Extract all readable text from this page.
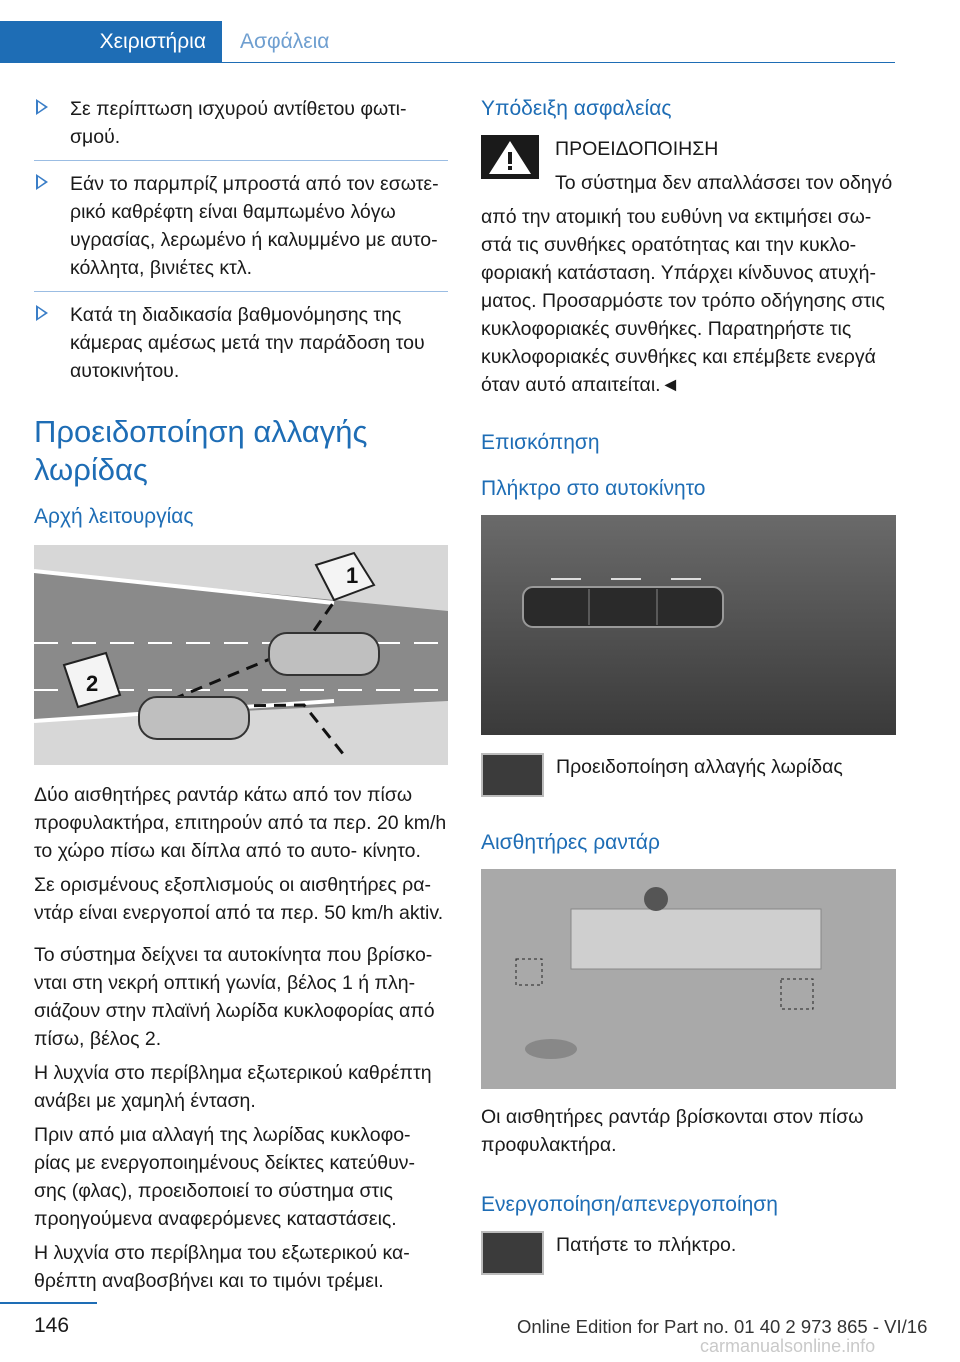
Χειριστήρια	Ασφάλεια
Σε περίπτωση ισχυρού αντίθετου φωτι‐ σμού.
Εάν το παρμπρίζ μπροστά από τον εσωτε‐ ρικό καθρέφτη είναι θαμπωμένο λόγω υγρασίας, λερωμένο ή καλυμμένο με αυτο‐ κόλλητα, βινιέτες κτλ.
Κατά τη διαδικασία βαθμονόμησης της κάμερας αμέσως μετά την παράδοση του αυτοκινήτου.
Προειδοποίηση αλλαγής λωρίδας
Αρχή λειτουργίας
1
2

Δύο αισθητήρες ραντάρ κάτω από τον πίσω προφυλακτήρα, επιτηρούν από τα περ. 20 km/h το χώρο πίσω και δίπλα από το αυτο‐ κίνητο.

Σε ορισμένους εξοπλισμούς οι αισθητήρες ρα‐ ντάρ είναι ενεργοποί από τα περ. 50 km/h aktiv.

Το σύστημα δείχνει τα αυτοκίνητα που βρίσκο‐ νται στη νεκρή οπτική γωνία, βέλος 1 ή πλη‐ σιάζουν στην πλαϊνή λωρίδα κυκλοφορίας από πίσω, βέλος 2.

Η λυχνία στο περίβλημα εξωτερικού καθρέπτη ανάβει με χαμηλή ένταση.

Πριν από μια αλλαγή της λωρίδας κυκλοφο‐ ρίας με ενεργοποιημένους δείκτες κατεύθυν‐ σης (φλας), προειδοποιεί το σύστημα στις προηγούμενα αναφερόμενες καταστάσεις.

Η λυχνία στο περίβλημα του εξωτερικού κα‐ θρέπτη αναβοσβήνει και το τιμόνι τρέμει.

Υπόδειξη ασφαλείας
ΠΡΟΕΙΔΟΠΟΙΗΣΗ
Το σύστημα δεν απαλλάσσει τον οδηγό
από την ατομική του ευθύνη να εκτιμήσει σω‐ στά τις συνθήκες ορατότητας και την κυκλο‐ φοριακή κατάσταση. Υπάρχει κίνδυνος ατυχή‐ ματος. Προσαρμόστε τον τρόπο οδήγησης στις κυκλοφοριακές συνθήκες. Παρατηρήστε τις κυκλοφοριακές συνθήκες και επέμβετε ενεργά όταν αυτό απαιτείται.◄
Επισκόπηση
Πλήκτρο στο αυτοκίνητο
Προειδοποίηση αλλαγής λωρίδας
Αισθητήρες ραντάρ

Οι αισθητήρες ραντάρ βρίσκονται στον πίσω προφυλακτήρα.

Ενεργοποίηση/απενεργοποίηση
Πατήστε το πλήκτρο.
146	Online Edition for Part no. 01 40 2 973 865 - VI/16
carmanualsonline.info
